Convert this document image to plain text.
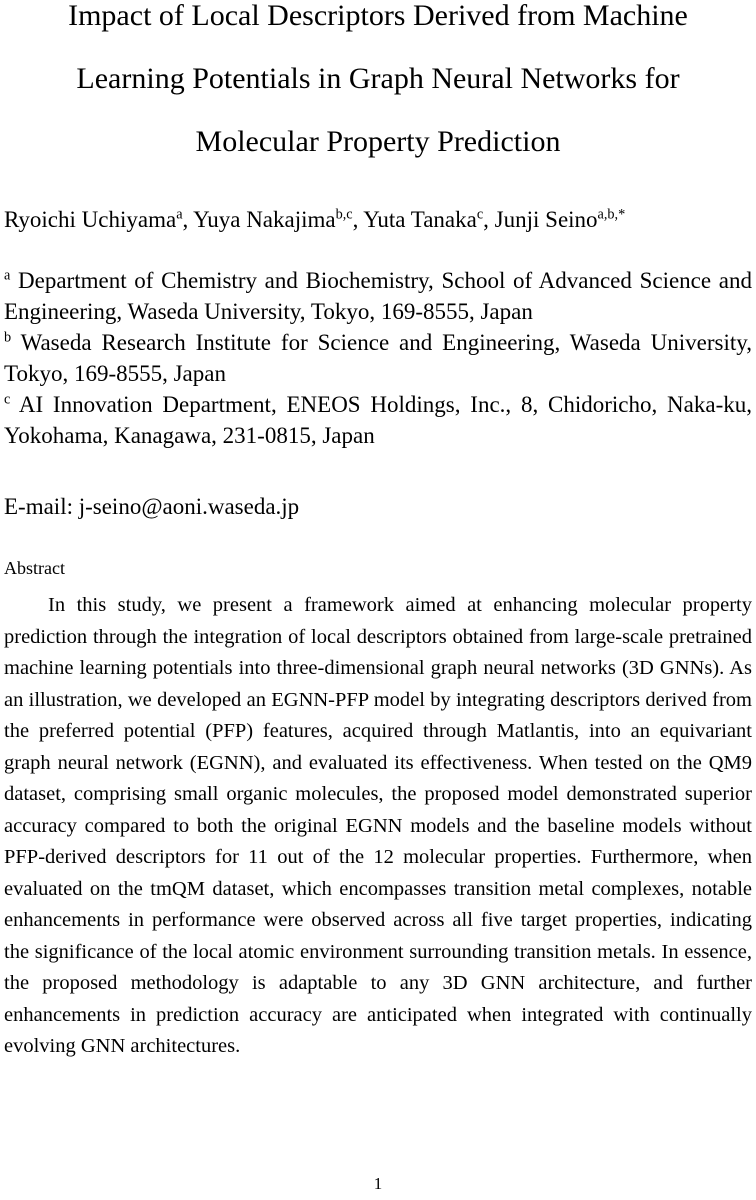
Impact of Local Descriptors Derived from Machine
Learning Potentials in Graph Neural Networks for
Molecular Property Prediction
Ryoichi Uchiyama$^a$, Yuya Nakajima$^{b,c}$, Yuta Tanaka$^c$, Junji Seino$^{a,b,*}$
$^a$ Department of Chemistry and Biochemistry, School of Advanced Science and Engineering, Waseda University, Tokyo, 169-8555, Japan
$^b$ Waseda Research Institute for Science and Engineering, Waseda University, Tokyo, 169-8555, Japan
$^c$ AI Innovation Department, ENEOS Holdings, Inc., 8, Chidoricho, Naka-ku, Yokohama, Kanagawa, 231-0815, Japan
E-mail: j-seino@aoni.waseda.jp
Abstract
In this study, we present a framework aimed at enhancing molecular property prediction through the integration of local descriptors obtained from large-scale pretrained machine learning potentials into three-dimensional graph neural networks (3D GNNs). As an illustration, we developed an EGNN-PFP model by integrating descriptors derived from the preferred potential (PFP) features, acquired through Matlantis, into an equivariant graph neural network (EGNN), and evaluated its effectiveness. When tested on the QM9 dataset, comprising small organic molecules, the proposed model demonstrated superior accuracy compared to both the original EGNN models and the baseline models without PFP-derived descriptors for 11 out of the 12 molecular properties. Furthermore, when evaluated on the tmQM dataset, which encompasses transition metal complexes, notable enhancements in performance were observed across all five target properties, indicating the significance of the local atomic environment surrounding transition metals. In essence, the proposed methodology is adaptable to any 3D GNN architecture, and further enhancements in prediction accuracy are anticipated when integrated with continually evolving GNN architectures.
1
